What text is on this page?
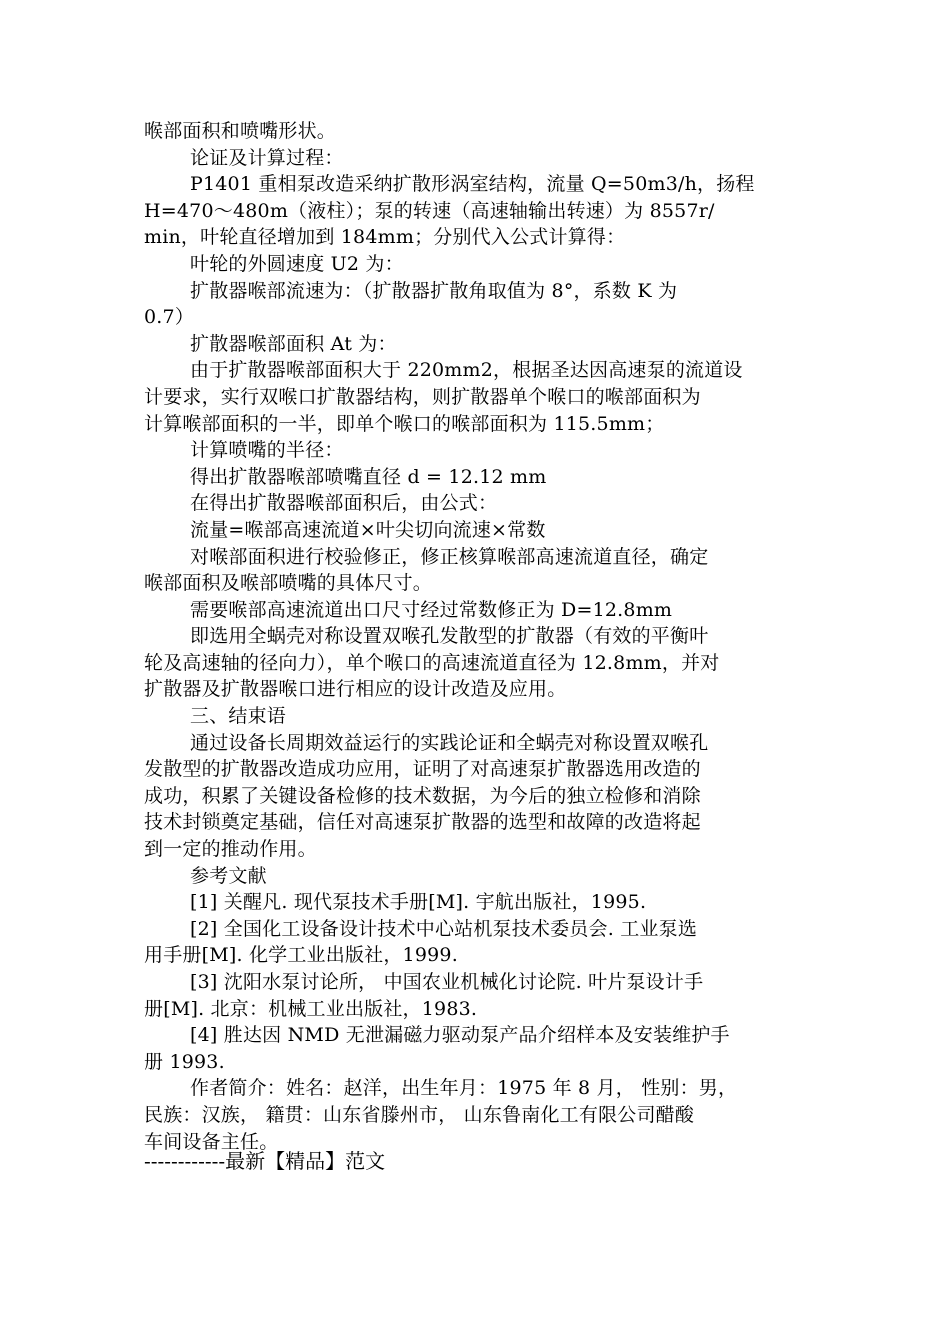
喉部面积和喷嘴形状。
论证及计算过程：
P1401 重相泵改造采纳扩散形涡室结构，流量 Q=50m3/h，扬程
H=470～480m（液柱）；泵的转速（高速轴输出转速）为 8557r/
min，叶轮直径增加到 184mm；分别代入公式计算得：
叶轮的外圆速度 U2 为：
扩散器喉部流速为：（扩散器扩散角取值为 8°，系数 K 为
0.7）
扩散器喉部面积 At 为：
由于扩散器喉部面积大于 220mm2，根据圣达因高速泵的流道设
计要求，实行双喉口扩散器结构，则扩散器单个喉口的喉部面积为
计算喉部面积的一半，即单个喉口的喉部面积为 115.5mm；
计算喷嘴的半径：
得出扩散器喉部喷嘴直径 d = 12.12 mm
在得出扩散器喉部面积后，由公式：
流量=喉部高速流道×叶尖切向流速×常数
对喉部面积进行校验修正，修正核算喉部高速流道直径，确定
喉部面积及喉部喷嘴的具体尺寸。
需要喉部高速流道出口尺寸经过常数修正为 D=12.8mm
即选用全蜗壳对称设置双喉孔发散型的扩散器（有效的平衡叶
轮及高速轴的径向力），单个喉口的高速流道直径为 12.8mm，并对
扩散器及扩散器喉口进行相应的设计改造及应用。
三、结束语
通过设备长周期效益运行的实践论证和全蜗壳对称设置双喉孔
发散型的扩散器改造成功应用，证明了对高速泵扩散器选用改造的
成功，积累了关键设备检修的技术数据，为今后的独立检修和消除
技术封锁奠定基础，信任对高速泵扩散器的选型和故障的改造将起
到一定的推动作用。
参考文献
[1] 关醒凡. 现代泵技术手册[M]. 宇航出版社，1995.
[2] 全国化工设备设计技术中心站机泵技术委员会. 工业泵选
用手册[M]. 化学工业出版社，1999.
[3] 沈阳水泵讨论所， 中国农业机械化讨论院. 叶片泵设计手
册[M]. 北京：机械工业出版社，1983.
[4] 胜达因 NMD 无泄漏磁力驱动泵产品介绍样本及安装维护手
册 1993.
作者简介：姓名：赵洋，出生年月：1975 年 8 月， 性别：男，
民族：汉族， 籍贯：山东省滕州市， 山东鲁南化工有限公司醋酸
车间设备主任。
------------最新【精品】范文
